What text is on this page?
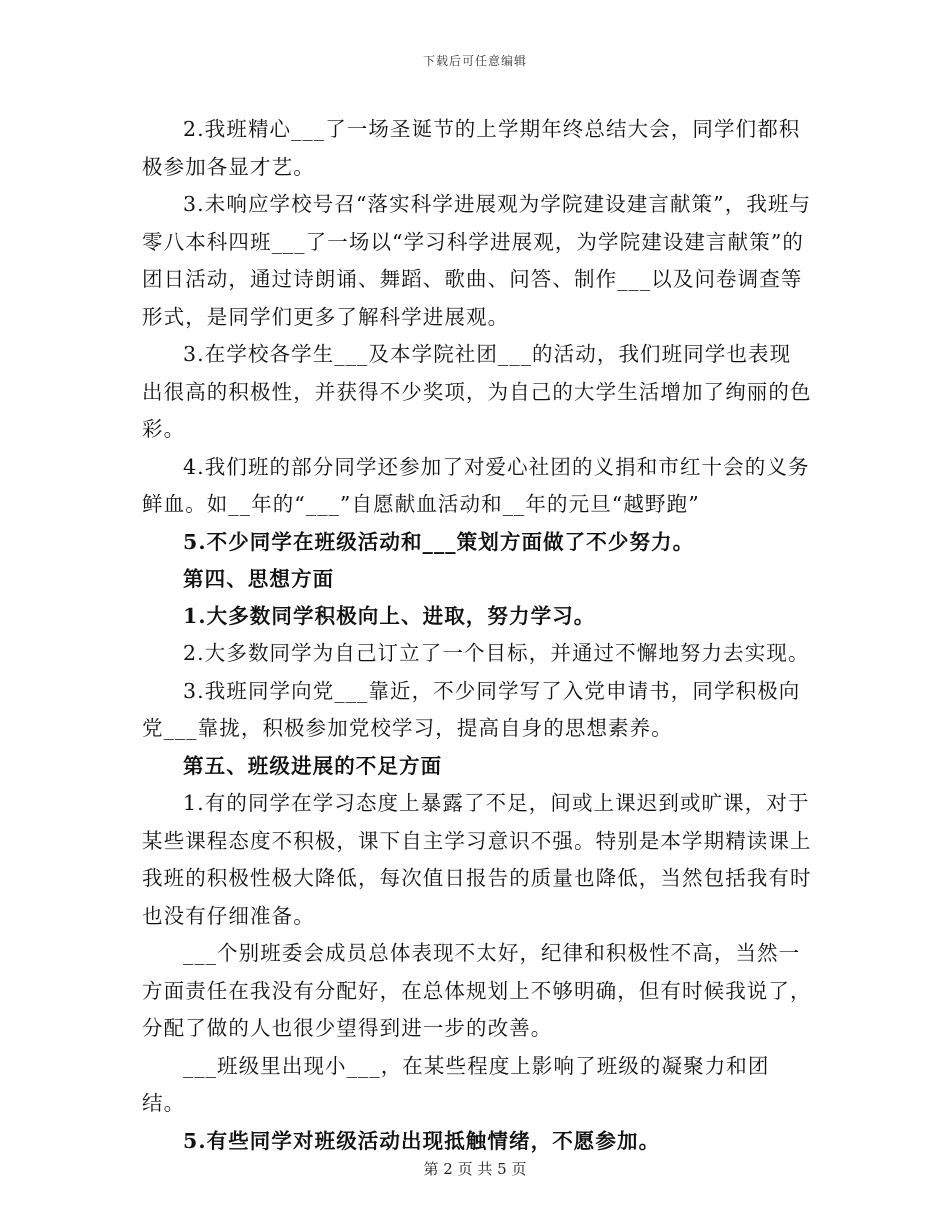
下载后可任意编辑

2.我班精心___了一场圣诞节的上学期年终总结大会，同学们都积极参加各显才艺。

3.未响应学校号召“落实科学进展观为学院建设建言献策”，我班与零八本科四班___了一场以“学习科学进展观，为学院建设建言献策”的团日活动，通过诗朗诵、舞蹈、歌曲、问答、制作___以及问卷调查等形式，是同学们更多了解科学进展观。

3.在学校各学生___及本学院社团___的活动，我们班同学也表现出很高的积极性，并获得不少奖项，为自己的大学生活增加了绚丽的色彩。

4.我们班的部分同学还参加了对爱心社团的义捐和市红十会的义务鲜血。如__年的“___”自愿献血活动和__年的元旦“越野跑”

5.不少同学在班级活动和___策划方面做了不少努力。

第四、思想方面

1.大多数同学积极向上、进取，努力学习。

2.大多数同学为自己订立了一个目标，并通过不懈地努力去实现。

3.我班同学向党___靠近，不少同学写了入党申请书，同学积极向党___靠拢，积极参加党校学习，提高自身的思想素养。

第五、班级进展的不足方面

1.有的同学在学习态度上暴露了不足，间或上课迟到或旷课，对于某些课程态度不积极，课下自主学习意识不强。特别是本学期精读课上我班的积极性极大降低，每次值日报告的质量也降低，当然包括我有时也没有仔细准备。

___个别班委会成员总体表现不太好，纪律和积极性不高，当然一方面责任在我没有分配好，在总体规划上不够明确，但有时候我说了，分配了做的人也很少望得到进一步的改善。

___班级里出现小___，在某些程度上影响了班级的凝聚力和团结。

5.有些同学对班级活动出现抵触情绪，不愿参加。

第 2 页 共 5 页
